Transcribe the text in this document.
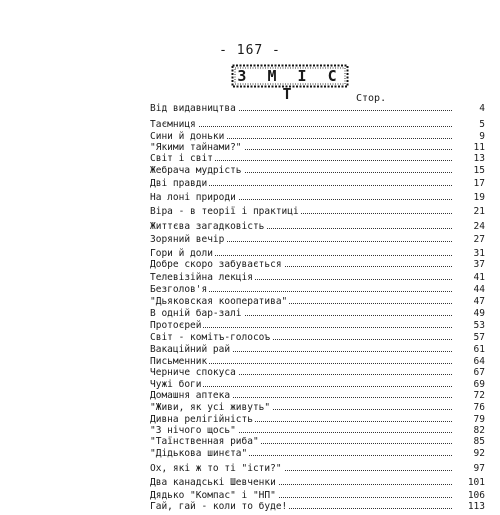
- 167 -
З М І С Т	Стор.
Від видавництва	4
Таємниця	5
Сини й доньки	9
"Якими тайнами?"	11
Світ і світ	13
Жебрача мудрість	15
Дві правди	17
На лоні природи	19
Віра - в теорії і практиці	21
Життєва загадковість	24
Зоряний вечір	27
Гори й доли	31
Добре скоро забувається	37
Телевізійна лекція	41
Безголов'я	44
"Дьяковская кооператива"	47
В одній бар-залі	49
Протоєрей	53
Світ - комітъ-голосоъ	57
Вакаційний рай	61
Письменник	64
Черниче спокуса	67
Чужі боги	69
Домашня аптека	72
"Живи, як усі живуть"	76
Дивна релігійність	79
"З нічого щось"	82
"Таїнственная риба"	85
"Дідькова шинєта"	92
Ох, які ж то ті "істи?"	97
Два канадські Шевченки	101
Дядько "Компас" і "НП"	106
Гай, гай - коли то буде!	113
